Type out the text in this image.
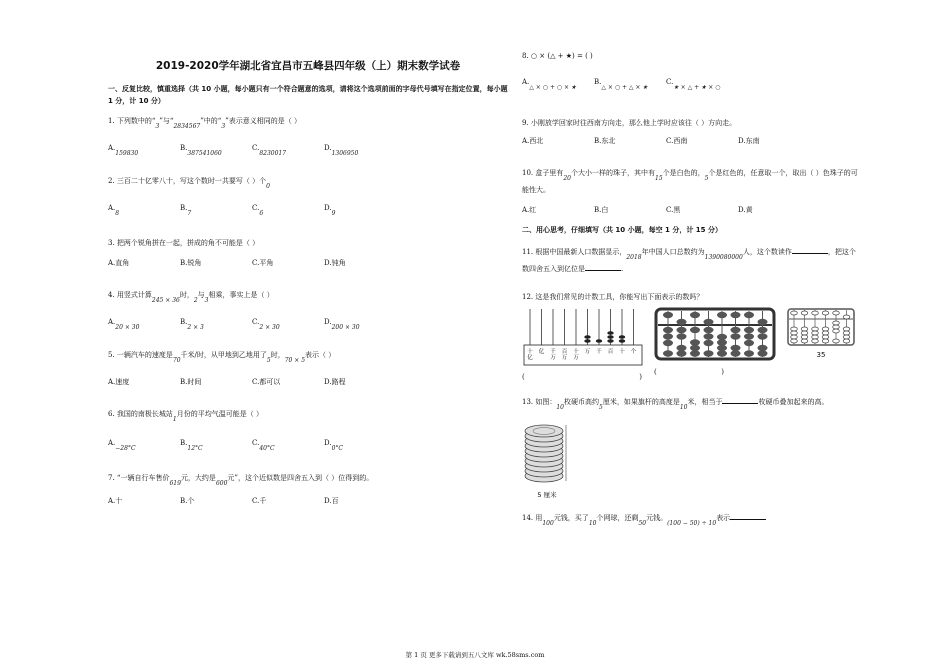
2019-2020学年湖北省宜昌市五峰县四年级（上）期末数学试卷
一、反复比较，慎重选择（共 10 小题，每小题只有一个符合题意的选项，请将这个选项前面的字母代号填写在指定位置，每小题 1 分，计 10 分）
1. 下列数中的“3”与“2834567”中的“3”表示意义相同的是（ ）
A.159830
B.387541060
C.8230017
D.1306950
2. 三百二十亿零八十，写这个数时一共要写（ ）个0
A.8
B.7
C.6
D.9
3. 把两个锐角拼在一起，拼成的角不可能是（ ）
A.直角	B.锐角	C.平角	D.钝角
4. 用竖式计算245 × 36时，2与3相乘，事实上是（ ）
A.20 × 30
B.2 × 3
C.2 × 30
D.200 × 30
5. 一辆汽车的速度是70千米/时，从甲地到乙地用了5时，70 × 5表示（ ）
A.速度	B.时间	C.都可以	D.路程
6. 我国的南极长城站1月份的平均气温可能是（ ）
A.−28°C
B.12°C
C.40°C
D.0°C
7. “一辆自行车售价619元，大约是600元”，这个近似数是四舍五入到（ ）位得到的。
A.十	B.个	C.千	D.百
8. ○ × (△ + ★) = ( )
A.△ × ○ + ○ × ★
B.△ × ○ + △ × ★
C.★ × △ + ★ × ○
9. 小刚放学回家时往西南方向走，那么他上学时应该往（ ）方向走。
A.西北	B.东北	C.西南	D.东南
10. 盒子里有20个大小一样的珠子，其中有15个是白色的，5个是红色的，任意取一个，取出（ ）色珠子的可能性大。
A.红	B.白	C.黑	D.黄
二、用心思考，仔细填写（共 10 小题，每空 1 分，计 15 分）
11. 根据中国最新人口数据显示，2018年中国人口总数约为1390080000人，这个数读作	，把这个数四舍五入到亿位是	.
12. 这是我们常见的计数工具，你能写出下面表示的数吗？
十亿
亿 千万
百万
十万
万 千 百 十 个
(	)
(	)
35
13. 如图：10枚硬币高约5厘米，如果旗杆的高度是10米，相当于	枚硬币叠加起来的高。
5 厘米
14. 用100元钱，买了10个网球，还剩50元钱。(100 − 50) ÷ 10表示
第 1 页 更多下载请到五八文库 wk.58sms.com
